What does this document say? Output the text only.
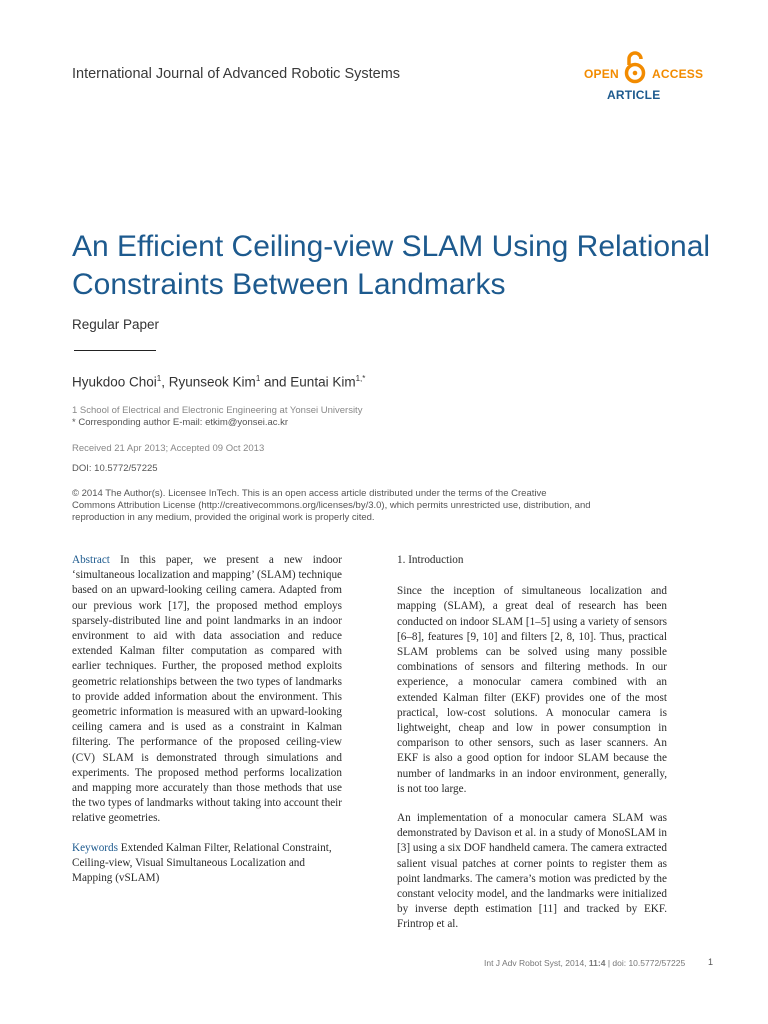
International Journal of Advanced Robotic Systems	OPEN	ACCESS
ARTICLE
An Efficient Ceiling-view SLAM Using Relational Constraints Between Landmarks
Regular Paper
Hyukdoo Choi$^1$, Ryunseok Kim$^1$ and Euntai Kim$^{1,*}$
1 School of Electrical and Electronic Engineering at Yonsei University
* Corresponding author E-mail: etkim@yonsei.ac.kr
Received 21 Apr 2013; Accepted 09 Oct 2013
DOI: 10.5772/57225
© 2014 The Author(s). Licensee InTech. This is an open access article distributed under the terms of the Creative Commons Attribution License (http://creativecommons.org/licenses/by/3.0), which permits unrestricted use, distribution, and reproduction in any medium, provided the original work is properly cited.

Abstract In this paper, we present a new indoor ‘simultaneous localization and mapping’ (SLAM) technique based on an upward-looking ceiling camera. Adapted from our previous work [17], the proposed method employs sparsely-distributed line and point landmarks in an indoor environment to aid with data association and reduce extended Kalman filter computation as compared with earlier techniques. Further, the proposed method exploits geometric relationships between the two types of landmarks to provide added information about the environment. This geometric information is measured with an upward-looking ceiling camera and is used as a constraint in Kalman filtering. The performance of the proposed ceiling-view (CV) SLAM is demonstrated through simulations and experiments. The proposed method performs localization and mapping more accurately than those methods that use the two types of landmarks without taking into account their relative geometries.

Keywords Extended Kalman Filter, Relational Constraint, Ceiling-view, Visual Simultaneous Localization and Mapping (vSLAM)

1. Introduction

Since the inception of simultaneous localization and mapping (SLAM), a great deal of research has been conducted on indoor SLAM [1–5] using a variety of sensors [6–8], features [9, 10] and filters [2, 8, 10]. Thus, practical SLAM problems can be solved using many possible combinations of sensors and filtering methods. In our experience, a monocular camera combined with an extended Kalman filter (EKF) provides one of the most practical, low-cost solutions. A monocular camera is lightweight, cheap and low in power consumption in comparison to other sensors, such as laser scanners. An EKF is also a good option for indoor SLAM because the number of landmarks in an indoor environment, generally, is not too large.

An implementation of a monocular camera SLAM was demonstrated by Davison et al. in a study of MonoSLAM in [3] using a six DOF handheld camera. The camera extracted salient visual patches at corner points to register them as point landmarks. The camera’s motion was predicted by the constant velocity model, and the landmarks were initialized by inverse depth estimation [11] and tracked by EKF. Frintrop et al.

Int J Adv Robot Syst, 2014, 11:4 | doi: 10.5772/57225	1
